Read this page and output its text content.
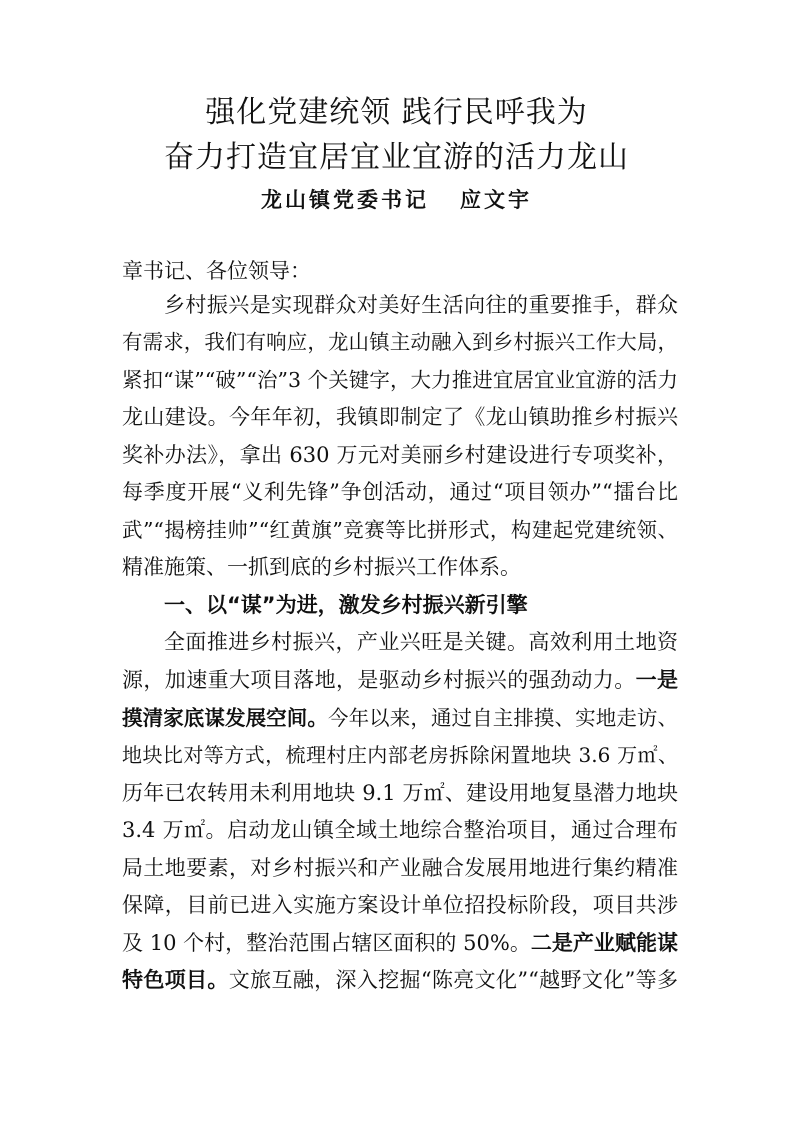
强化党建统领 践行民呼我为
奋力打造宜居宜业宜游的活力龙山
龙山镇党委书记   应文宇
章书记、各位领导：
乡村振兴是实现群众对美好生活向往的重要推手，群众
有需求，我们有响应，龙山镇主动融入到乡村振兴工作大局，
紧扣“谋”“破”“治”3 个关键字，大力推进宜居宜业宜游的活力
龙山建设。今年年初，我镇即制定了《龙山镇助推乡村振兴
奖补办法》，拿出 630 万元对美丽乡村建设进行专项奖补，
每季度开展“义利先锋”争创活动，通过“项目领办”“擂台比
武”“揭榜挂帅”“红黄旗”竞赛等比拼形式，构建起党建统领、
精准施策、一抓到底的乡村振兴工作体系。
一、以“谋”为进，激发乡村振兴新引擎
全面推进乡村振兴，产业兴旺是关键。高效利用土地资
源，加速重大项目落地，是驱动乡村振兴的强劲动力。一是
摸清家底谋发展空间。今年以来，通过自主排摸、实地走访、
地块比对等方式，梳理村庄内部老房拆除闲置地块 3.6 万㎡、
历年已农转用未利用地块 9.1 万㎡、建设用地复垦潜力地块
3.4 万㎡。启动龙山镇全域土地综合整治项目，通过合理布
局土地要素，对乡村振兴和产业融合发展用地进行集约精准
保障，目前已进入实施方案设计单位招投标阶段，项目共涉
及 10 个村，整治范围占辖区面积的 50%。二是产业赋能谋
特色项目。文旅互融，深入挖掘“陈亮文化”“越野文化”等多
